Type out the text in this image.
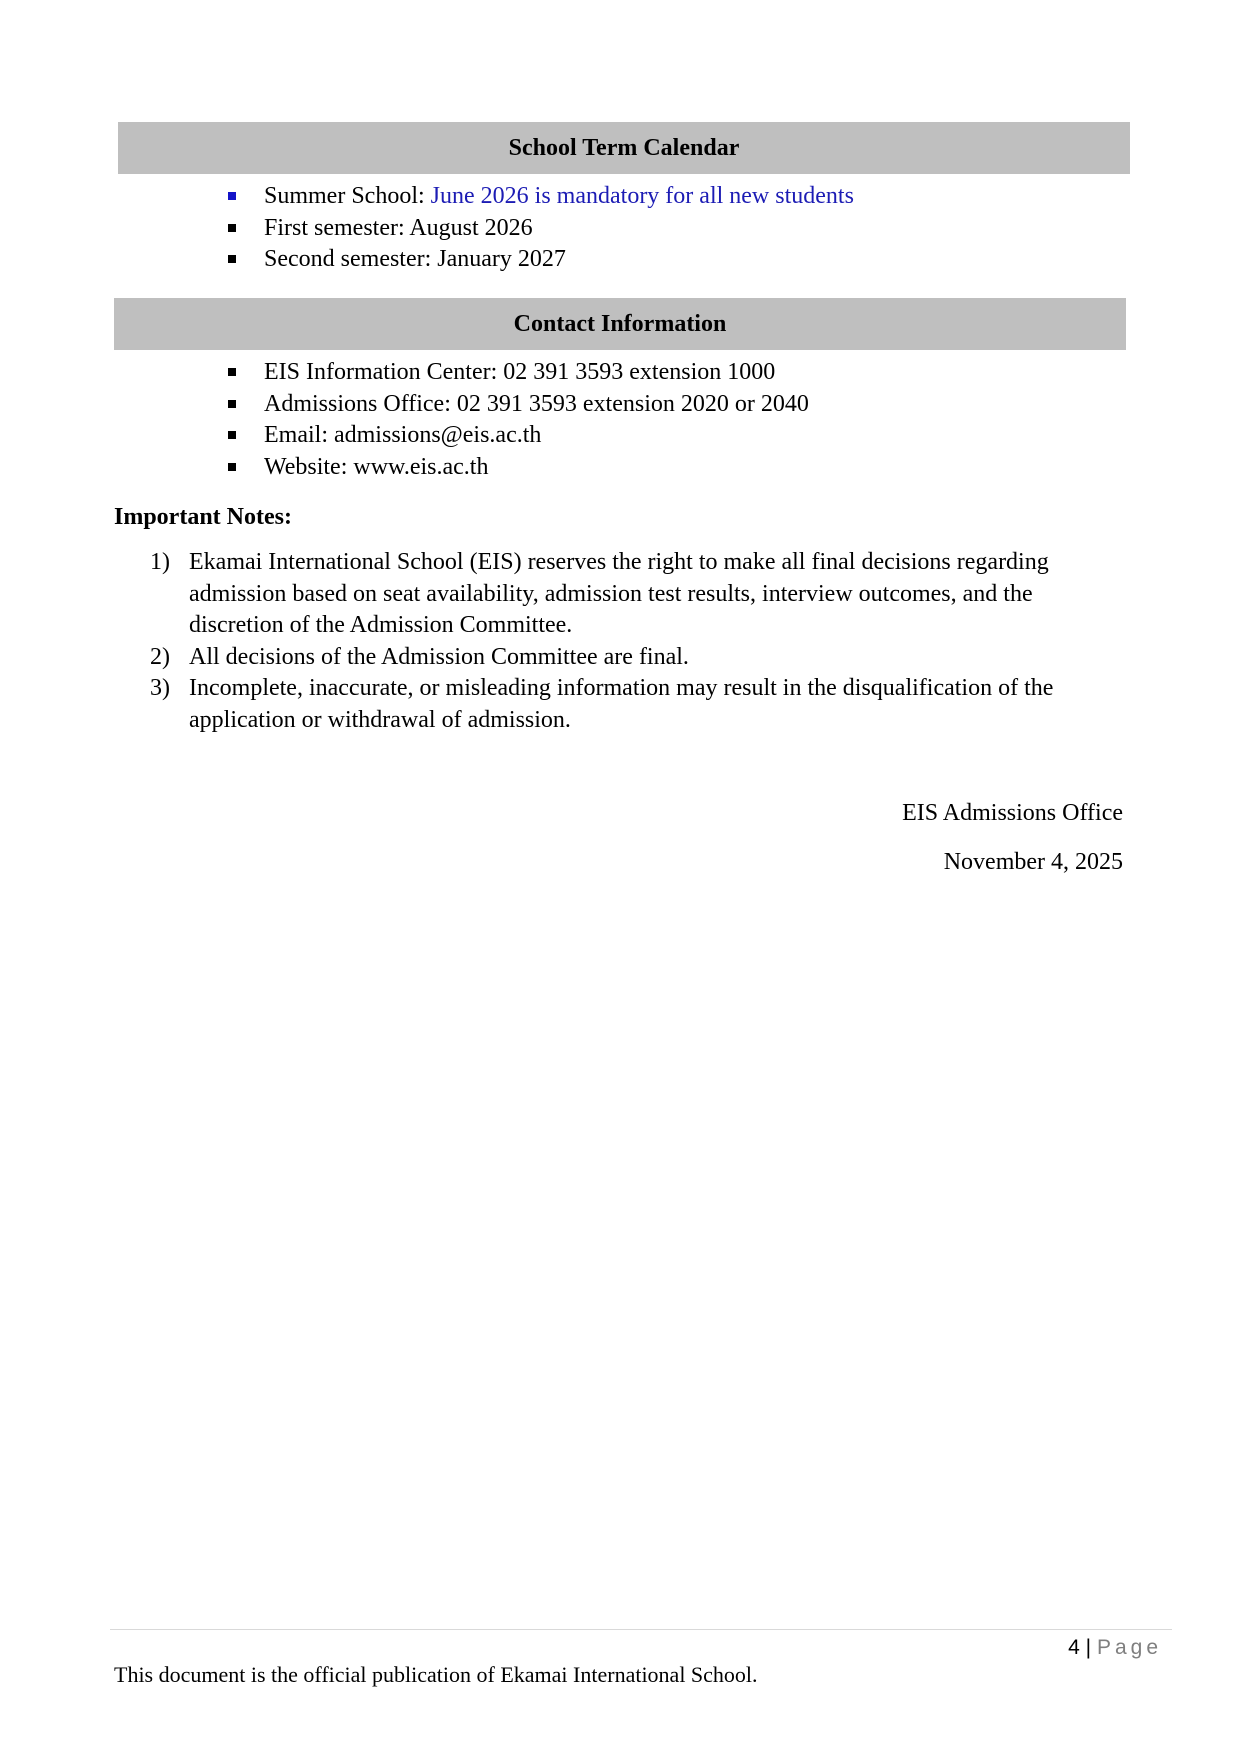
School Term Calendar
Summer School: June 2026 is mandatory for all new students
First semester: August 2026
Second semester: January 2027
Contact Information
EIS Information Center: 02 391 3593 extension 1000
Admissions Office: 02 391 3593 extension 2020 or 2040
Email: admissions@eis.ac.th
Website: www.eis.ac.th
Important Notes:
1) Ekamai International School (EIS) reserves the right to make all final decisions regarding admission based on seat availability, admission test results, interview outcomes, and the discretion of the Admission Committee.
2) All decisions of the Admission Committee are final.
3) Incomplete, inaccurate, or misleading information may result in the disqualification of the application or withdrawal of admission.
EIS Admissions Office
November 4, 2025
4 | Page
This document is the official publication of Ekamai International School.
